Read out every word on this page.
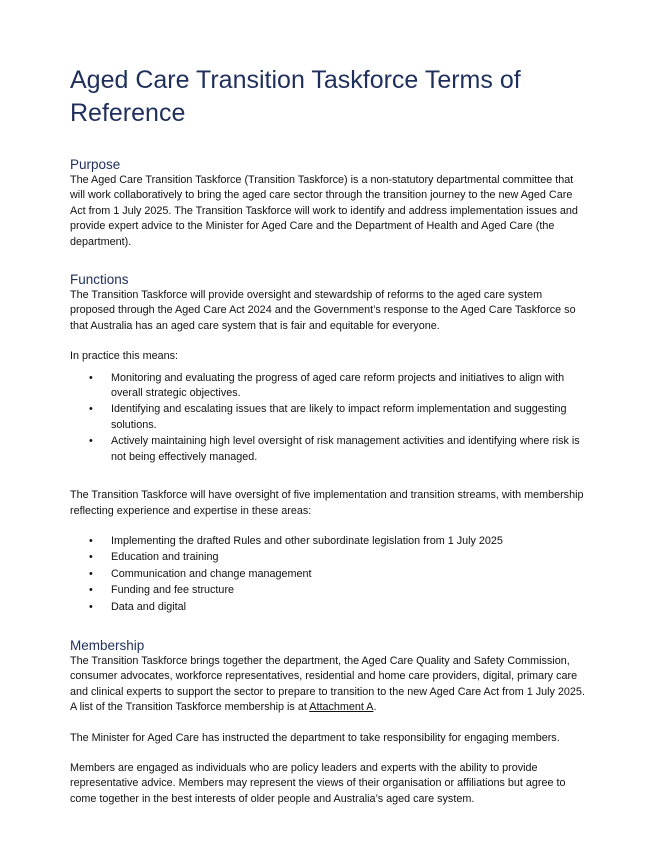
Aged Care Transition Taskforce Terms of Reference
Purpose

The Aged Care Transition Taskforce (Transition Taskforce) is a non-statutory departmental committee that will work collaboratively to bring the aged care sector through the transition journey to the new Aged Care Act from 1 July 2025. The Transition Taskforce will work to identify and address implementation issues and provide expert advice to the Minister for Aged Care and the Department of Health and Aged Care (the department).

Functions

The Transition Taskforce will provide oversight and stewardship of reforms to the aged care system proposed through the Aged Care Act 2024 and the Government’s response to the Aged Care Taskforce so that Australia has an aged care system that is fair and equitable for everyone.

In practice this means:

• Monitoring and evaluating the progress of aged care reform projects and initiatives to align with overall strategic objectives.
• Identifying and escalating issues that are likely to impact reform implementation and suggesting solutions.
• Actively maintaining high level oversight of risk management activities and identifying where risk is not being effectively managed.

The Transition Taskforce will have oversight of five implementation and transition streams, with membership reflecting experience and expertise in these areas:

• Implementing the drafted Rules and other subordinate legislation from 1 July 2025
• Education and training
• Communication and change management
• Funding and fee structure
• Data and digital
Membership

The Transition Taskforce brings together the department, the Aged Care Quality and Safety Commission, consumer advocates, workforce representatives, residential and home care providers, digital, primary care and clinical experts to support the sector to prepare to transition to the new Aged Care Act from 1 July 2025. A list of the Transition Taskforce membership is at Attachment A.

The Minister for Aged Care has instructed the department to take responsibility for engaging members.

Members are engaged as individuals who are policy leaders and experts with the ability to provide representative advice. Members may represent the views of their organisation or affiliations but agree to come together in the best interests of older people and Australia’s aged care system.
